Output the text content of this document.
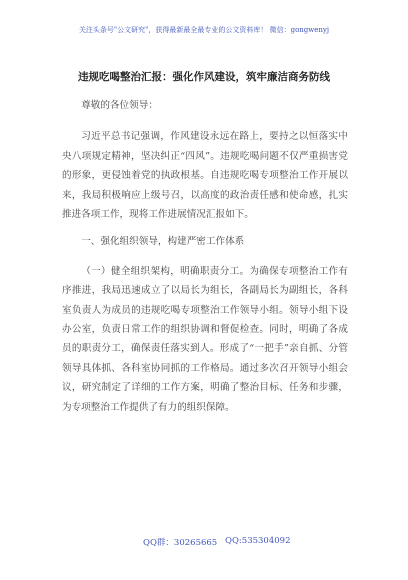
关注头条号"公文研究"，获得最新最全最专业的公文资料库！ 微信：gongwenyj
违规吃喝整治汇报：强化作风建设，筑牢廉洁商务防线

尊敬的各位领导：

习近平总书记强调，作风建设永远在路上，要持之以恒落实中央八项规定精神，坚决纠正“四风”。违规吃喝问题不仅严重损害党的形象，更侵蚀着党的执政根基。自违规吃喝专项整治工作开展以来，我局积极响应上级号召，以高度的政治责任感和使命感，扎实推进各项工作，现将工作进展情况汇报如下。

一、强化组织领导，构建严密工作体系

（一）健全组织架构，明确职责分工。为确保专项整治工作有序推进，我局迅速成立了以局长为组长，各副局长为副组长，各科室负责人为成员的违规吃喝专项整治工作领导小组。领导小组下设办公室，负责日常工作的组织协调和督促检查。同时，明确了各成员的职责分工，确保责任落实到人。形成了“一把手”亲自抓、分管领导具体抓、各科室协同抓的工作格局。通过多次召开领导小组会议，研究制定了详细的工作方案，明确了整治目标、任务和步骤，为专项整治工作提供了有力的组织保障。

QQ群：30265665 QQ:535304092
